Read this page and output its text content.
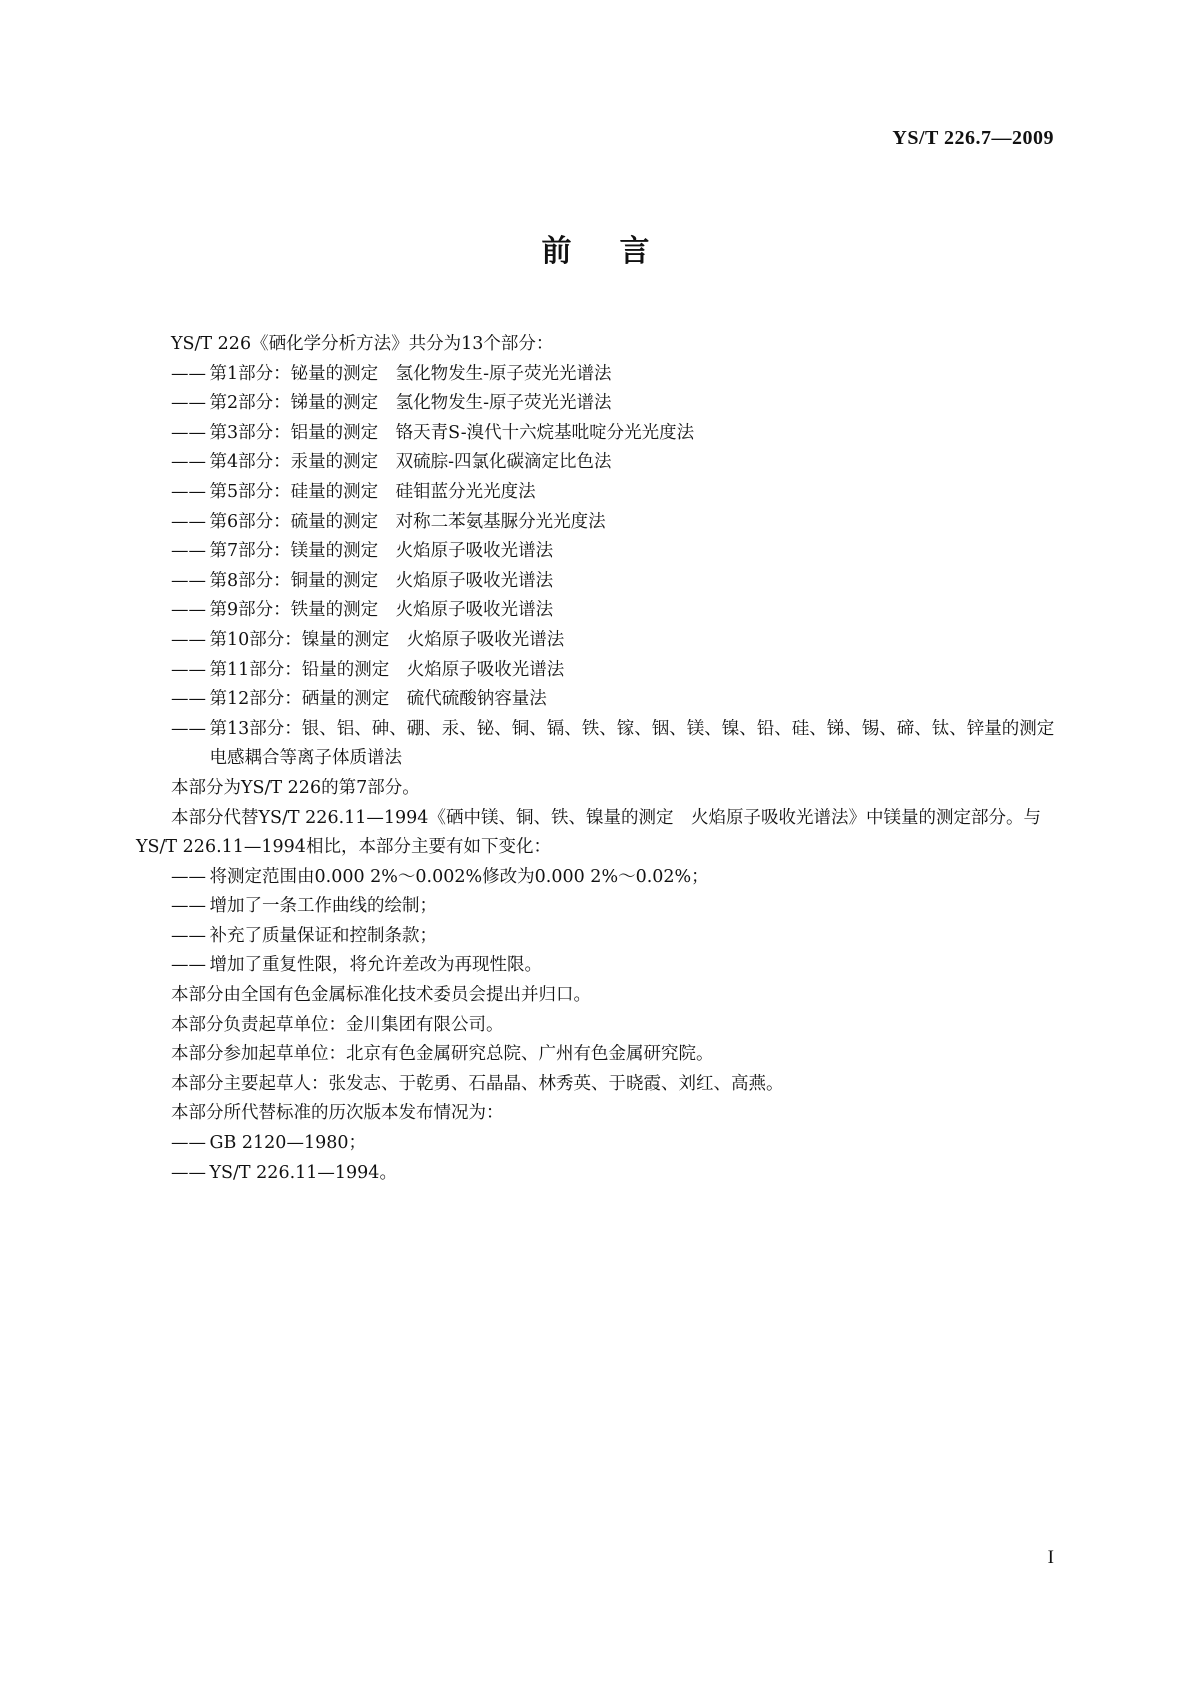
YS/T 226.7—2009
前言

YS/T 226《硒化学分析方法》共分为13个部分：

—— 第1部分：铋量的测定　氢化物发生-原子荧光光谱法

—— 第2部分：锑量的测定　氢化物发生-原子荧光光谱法

—— 第3部分：铝量的测定　铬天青S-溴代十六烷基吡啶分光光度法

—— 第4部分：汞量的测定　双硫腙-四氯化碳滴定比色法

—— 第5部分：硅量的测定　硅钼蓝分光光度法

—— 第6部分：硫量的测定　对称二苯氨基脲分光光度法

—— 第7部分：镁量的测定　火焰原子吸收光谱法

—— 第8部分：铜量的测定　火焰原子吸收光谱法

—— 第9部分：铁量的测定　火焰原子吸收光谱法

—— 第10部分：镍量的测定　火焰原子吸收光谱法

—— 第11部分：铅量的测定　火焰原子吸收光谱法

—— 第12部分：硒量的测定　硫代硫酸钠容量法

—— 第13部分：银、铝、砷、硼、汞、铋、铜、镉、铁、镓、铟、镁、镍、铅、硅、锑、锡、碲、钛、锌量的测定　电感耦合等离子体质谱法

本部分为YS/T 226的第7部分。

本部分代替YS/T 226.11—1994《硒中镁、铜、铁、镍量的测定　火焰原子吸收光谱法》中镁量的测定部分。与YS/T 226.11—1994相比，本部分主要有如下变化：

—— 将测定范围由0.000 2%～0.002%修改为0.000 2%～0.02%；

—— 增加了一条工作曲线的绘制；

—— 补充了质量保证和控制条款；

—— 增加了重复性限，将允许差改为再现性限。

本部分由全国有色金属标准化技术委员会提出并归口。

本部分负责起草单位：金川集团有限公司。

本部分参加起草单位：北京有色金属研究总院、广州有色金属研究院。

本部分主要起草人：张发志、于乾勇、石晶晶、林秀英、于晓霞、刘红、高燕。

本部分所代替标准的历次版本发布情况为：

—— GB 2120—1980；

—— YS/T 226.11—1994。

I
